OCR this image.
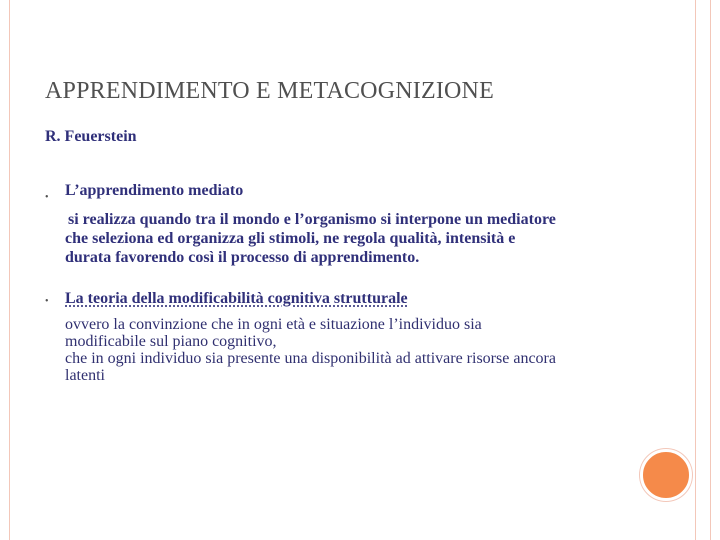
APPRENDIMENTO E METACOGNIZIONE
R. Feuerstein
• L’apprendimento mediato
si realizza quando tra il mondo e l’organismo si interpone un mediatore
che seleziona ed organizza gli stimoli, ne regola qualità, intensità e
durata favorendo così il processo di apprendimento.
• La teoria della modificabilità cognitiva strutturale
ovvero la convinzione che in ogni età e situazione l’individuo sia
modificabile sul piano cognitivo,
che in ogni individuo sia presente una disponibilità ad attivare risorse ancora
latenti
